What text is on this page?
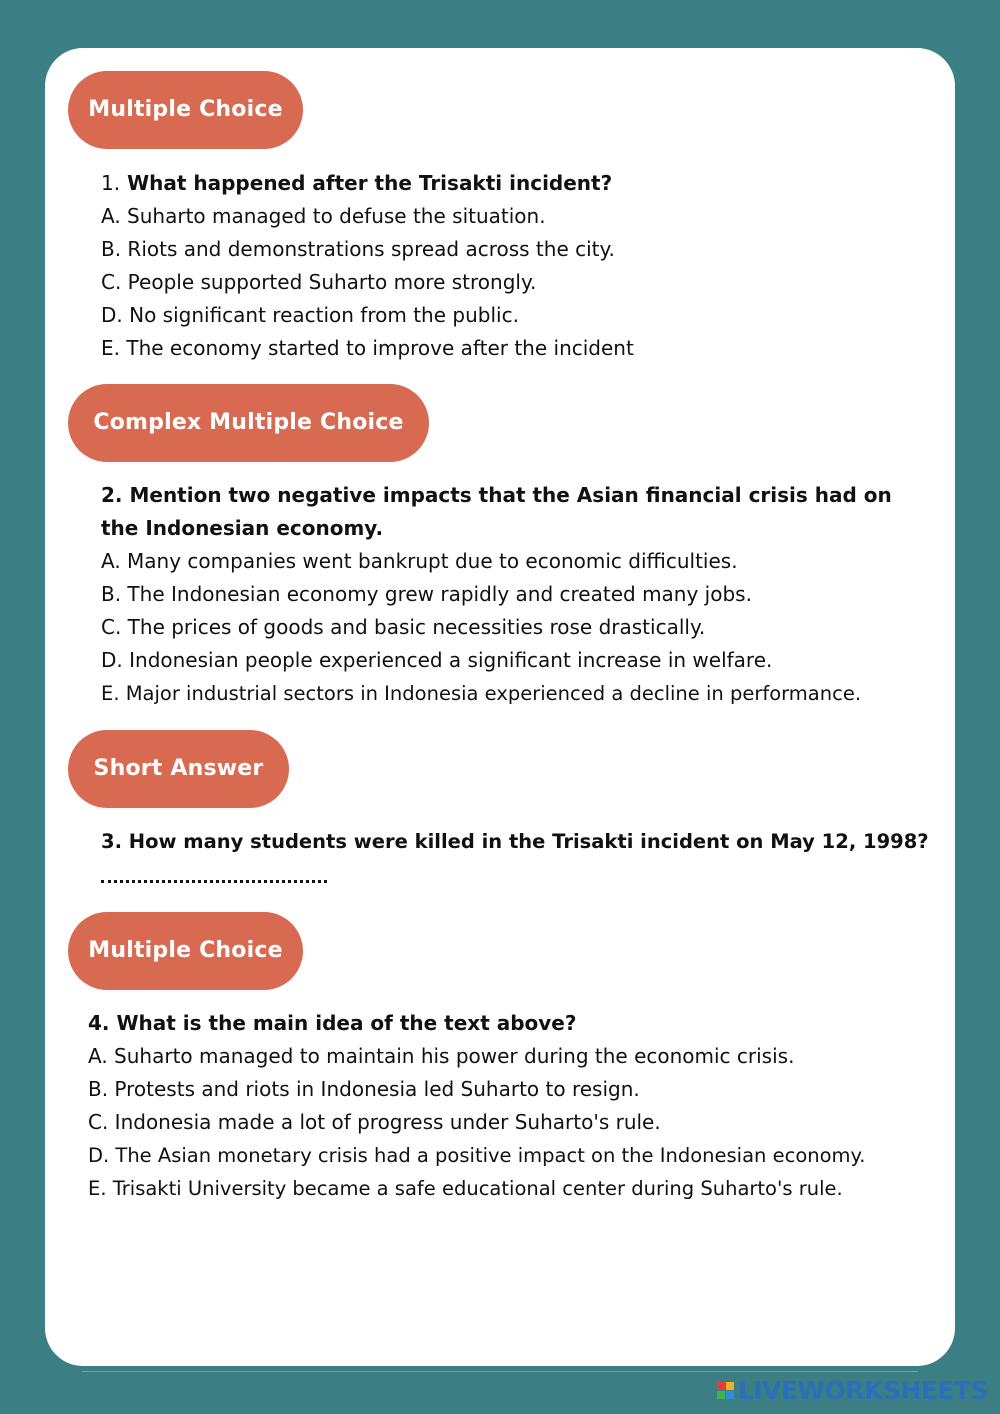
Multiple Choice
1. What happened after the Trisakti incident?
A. Suharto managed to defuse the situation.
B. Riots and demonstrations spread across the city.
C. People supported Suharto more strongly.
D. No significant reaction from the public.
E. The economy started to improve after the incident
Complex Multiple Choice
2. Mention two negative impacts that the Asian financial crisis had on the Indonesian economy.
A. Many companies went bankrupt due to economic difficulties.
B. The Indonesian economy grew rapidly and created many jobs.
C. The prices of goods and basic necessities rose drastically.
D. Indonesian people experienced a significant increase in welfare.
E. Major industrial sectors in Indonesia experienced a decline in performance.
Short Answer
3. How many students were killed in the Trisakti incident on May 12, 1998?
Multiple Choice
4. What is the main idea of the text above?
A. Suharto managed to maintain his power during the economic crisis.
B. Protests and riots in Indonesia led Suharto to resign.
C. Indonesia made a lot of progress under Suharto's rule.
D. The Asian monetary crisis had a positive impact on the Indonesian economy.
E. Trisakti University became a safe educational center during Suharto's rule.
LIVEWORKSHEETS
